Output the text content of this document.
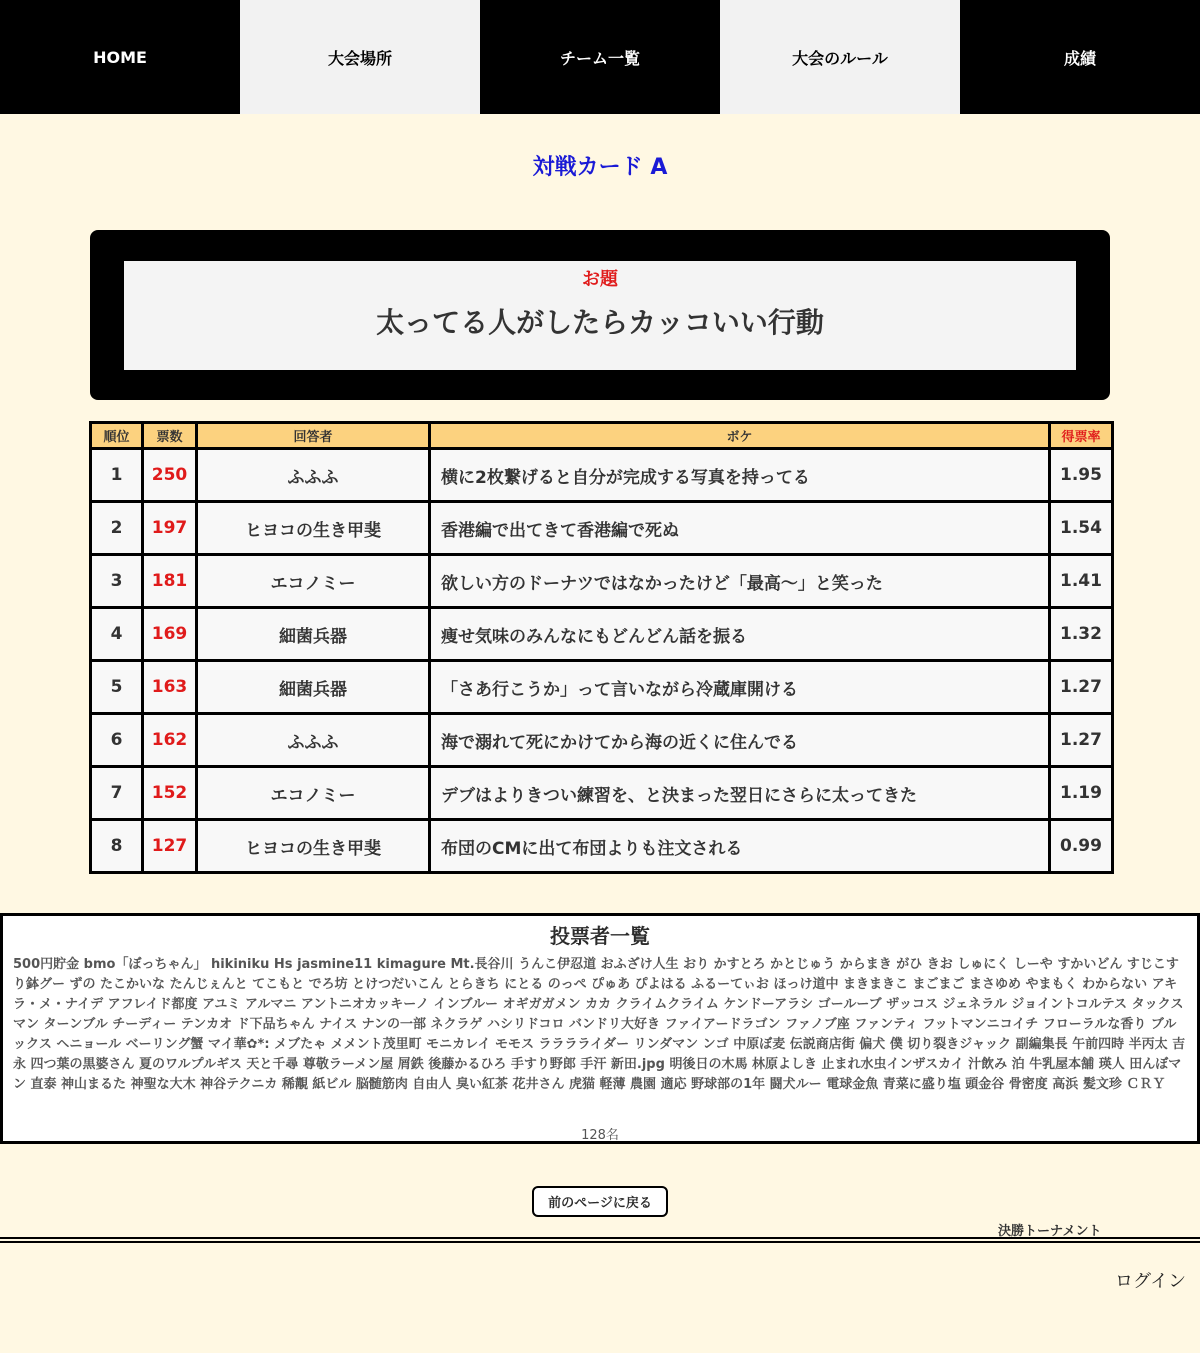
HOME	大会場所	チーム一覧	大会のルール	成績
対戦カード A
お題
太ってる人がしたらカッコいい行動
順位	票数	回答者	ボケ	得票率
1	250	ふふふ	横に2枚繋げると自分が完成する写真を持ってる	1.95
2	197	ヒヨコの生き甲斐	香港編で出てきて香港編で死ぬ	1.54
3	181	エコノミー	欲しい方のドーナツではなかったけど「最高〜」と笑った	1.41
4	169	細菌兵器	痩せ気味のみんなにもどんどん話を振る	1.32
5	163	細菌兵器	「さあ行こうか」って言いながら冷蔵庫開ける	1.27
6	162	ふふふ	海で溺れて死にかけてから海の近くに住んでる	1.27
7	152	エコノミー	デブはよりきつい練習を、と決まった翌日にさらに太ってきた	1.19
8	127	ヒヨコの生き甲斐	布団のCMに出て布団よりも注文される	0.99
投票者一覧

500円貯金 bmo「ぼっちゃん」 hikiniku Hs jasmine11 kimagure Mt.長谷川 うんこ伊忍道 おふざけ人生 おり かすとろ かとじゅう からまき がひ きお しゅにく しーや すかいどん すじこすり鉢グー ずの たこかいな たんじぇんと てこもと でろ坊 とけつだいこん とらきち にとる のっぺ ぴゅあ ぴよはる ふるーてぃお ほっけ道中 まきまきこ まごまご まさゆめ やまもく わからない アキラ・メ・ナイデ アフレイド都度 アユミ アルマニ アントニオカッキーノ インブルー オギガガメン カカ クライムクライム ケンドーアラシ ゴールーブ ザッコス ジェネラル ジョイントコルテス タックスマン ターンブル チーディー テンカオ ド下品ちゃん ナイス ナンの一部 ネクラゲ ハシリドコロ バンドリ大好き ファイアードラゴン ファノブ座 ファンティ フットマンニコイチ フローラルな香り ブルックス ヘニョール ベーリング蟹 マイ華✿*: メブたゃ メメント茂里町 モニカレイ モモス ラララライダー リンダマン ンゴ 中原ぼ麦 伝説商店街 偏犬 僕 切り裂きジャック 副編集長 午前四時 半丙太 吉永 四つ葉の黒婆さん 夏のワルプルギス 天と千尋 尊敬ラーメン屋 屑鉄 後藤かるひろ 手すり野郎 手汗 新田.jpg 明後日の木馬 林原よしき 止まれ水虫インザスカイ 汁飲み 泊 牛乳屋本舗 瑛人 田んぼマン 直泰 神山まるた 神聖な大木 神谷テクニカ 稀覯 紙ビル 脳髄筋肉 自由人 臭い紅茶 花井さん 虎猫 軽薄 農園 適応 野球部の1年 闘犬ルー 電球金魚 青菜に盛り塩 頭金谷 骨密度 高浜 髪文珍 ＣＲＹ

128名
前のページに戻る
決勝トーナメント
ログイン
